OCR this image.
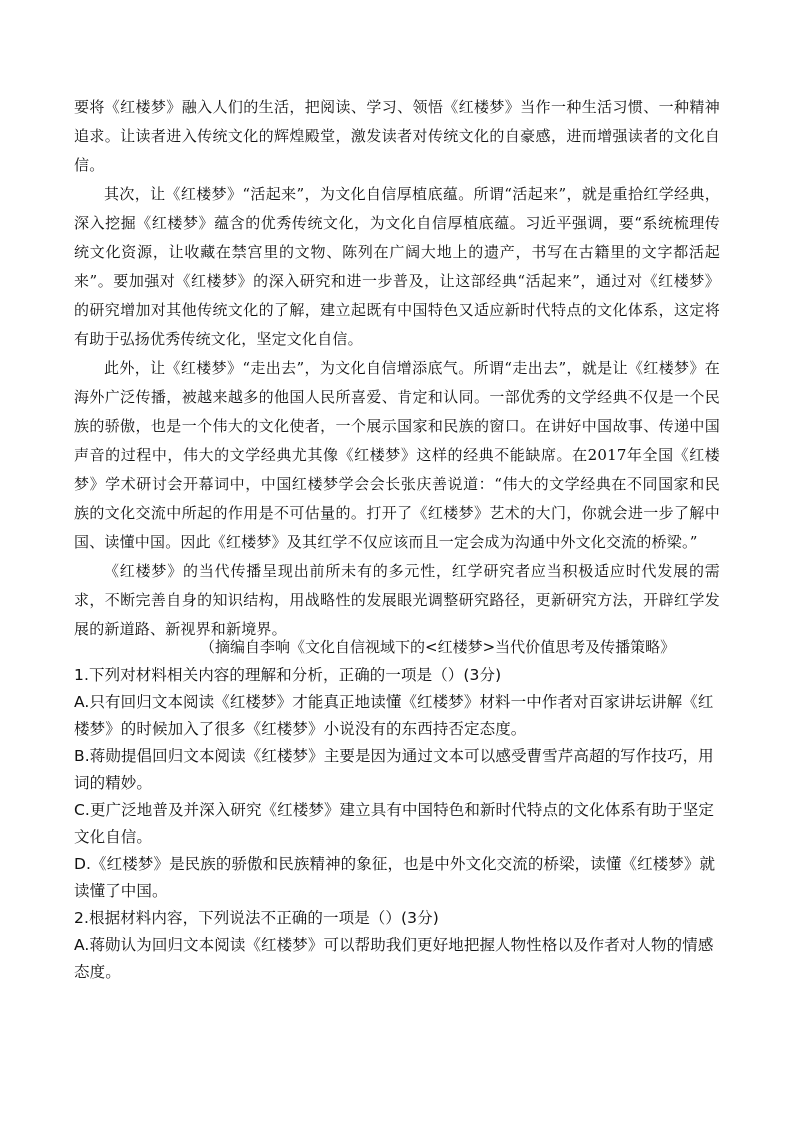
要将《红楼梦》融入人们的生活，把阅读、学习、领悟《红楼梦》当作一种生活习惯、一种精神追求。让读者进入传统文化的辉煌殿堂，激发读者对传统文化的自豪感，进而增强读者的文化自信。

其次，让《红楼梦》“活起来”，为文化自信厚植底蕴。所谓“活起来”，就是重拾红学经典，深入挖掘《红楼梦》蕴含的优秀传统文化，为文化自信厚植底蕴。习近平强调，要“系统梳理传统文化资源，让收藏在禁宫里的文物、陈列在广阔大地上的遗产，书写在古籍里的文字都活起来”。要加强对《红楼梦》的深入研究和进一步普及，让这部经典“活起来”，通过对《红楼梦》的研究增加对其他传统文化的了解，建立起既有中国特色又适应新时代特点的文化体系，这定将有助于弘扬优秀传统文化，坚定文化自信。

此外，让《红楼梦》“走出去”，为文化自信增添底气。所谓“走出去”，就是让《红楼梦》在海外广泛传播，被越来越多的他国人民所喜爱、肯定和认同。一部优秀的文学经典不仅是一个民族的骄傲，也是一个伟大的文化使者，一个展示国家和民族的窗口。在讲好中国故事、传递中国声音的过程中，伟大的文学经典尤其像《红楼梦》这样的经典不能缺席。在2017年全国《红楼梦》学术研讨会开幕词中，中国红楼梦学会会长张庆善说道：“伟大的文学经典在不同国家和民族的文化交流中所起的作用是不可估量的。打开了《红楼梦》艺术的大门，你就会进一步了解中国、读懂中国。因此《红楼梦》及其红学不仅应该而且一定会成为沟通中外文化交流的桥梁。”

《红楼梦》的当代传播呈现出前所未有的多元性，红学研究者应当积极适应时代发展的需求，不断完善自身的知识结构，用战略性的发展眼光调整研究路径，更新研究方法，开辟红学发展的新道路、新视界和新境界。

（摘编自李响《文化自信视域下的<红楼梦>当代价值思考及传播策略》
1.下列对材料相关内容的理解和分析，正确的一项是（）(3分)
A.只有回归文本阅读《红楼梦》才能真正地读懂《红楼梦》材料一中作者对百家讲坛讲解《红
楼梦》的时候加入了很多《红楼梦》小说没有的东西持否定态度。
B.蒋勋提倡回归文本阅读《红楼梦》主要是因为通过文本可以感受曹雪芹高超的写作技巧，用词的精妙。
C.更广泛地普及并深入研究《红楼梦》建立具有中国特色和新时代特点的文化体系有助于坚定文化自信。
D.《红楼梦》是民族的骄傲和民族精神的象征，也是中外文化交流的桥梁，读懂《红楼梦》就读懂了中国。
2.根据材料内容，下列说法不正确的一项是（）(3分)
A.蒋勋认为回归文本阅读《红楼梦》可以帮助我们更好地把握人物性格以及作者对人物的情感态度。
